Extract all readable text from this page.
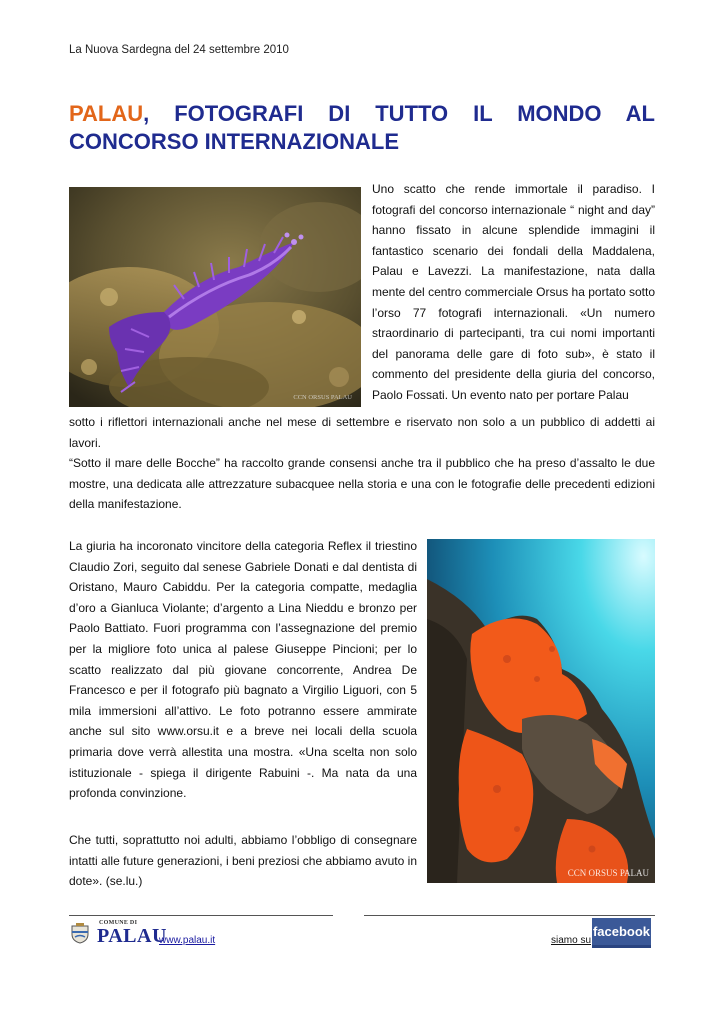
La Nuova Sardegna del 24 settembre 2010
PALAU, FOTOGRAFI DI TUTTO IL MONDO AL CONCORSO INTERNAZIONALE
CCN ORSUS PALAU

Uno scatto che rende immortale il paradiso. I fotografi del concorso internazionale “ night and day” hanno fissato in alcune splendide immagini il fantastico scenario dei fondali della Maddalena, Palau e Lavezzi. La manifestazione, nata dalla mente del centro commerciale Orsus ha portato sotto l’orso 77 fotografi internazionali. «Un numero straordinario di partecipanti, tra cui nomi importanti del panorama delle gare di foto sub», è stato il commento del presidente della giuria del concorso, Paolo Fossati. Un evento nato per portare Palau

sotto i riflettori internazionali anche nel mese di settembre e riservato non solo a un pubblico di addetti ai lavori.

“Sotto il mare delle Bocche” ha raccolto grande consensi anche tra il pubblico che ha preso d’assalto le due mostre, una dedicata alle attrezzature subacquee nella storia e una con le fotografie delle precedenti edizioni della manifestazione.

La giuria ha incoronato vincitore della categoria Reflex il triestino Claudio Zori, seguito dal senese Gabriele Donati e dal dentista di Oristano, Mauro Cabiddu. Per la categoria compatte, medaglia d’oro a Gianluca Violante; d’argento a Lina Nieddu e bronzo per Paolo Battiato. Fuori programma con l’assegnazione del premio per la migliore foto unica al palese Giuseppe Pincioni; per lo scatto realizzato dal più giovane concorrente, Andrea De Francesco e per il fotografo più bagnato a Virgilio Liguori, con 5 mila immersioni all’attivo. Le foto potranno essere ammirate anche sul sito www.orsu.it e a breve nei locali della scuola primaria dove verrà allestita una mostra. «Una scelta non solo istituzionale - spiega il dirigente Rabuini -. Ma nata da una profonda convinzione.

Che tutti, soprattutto noi adulti, abbiamo l’obbligo di consegnare intatti alle future generazioni, i beni preziosi che abbiamo avuto in dote». (se.lu.)

CCN ORSUS PALAU
COMUNE DI
PALAU
www.palau.it	siamo su
facebook
